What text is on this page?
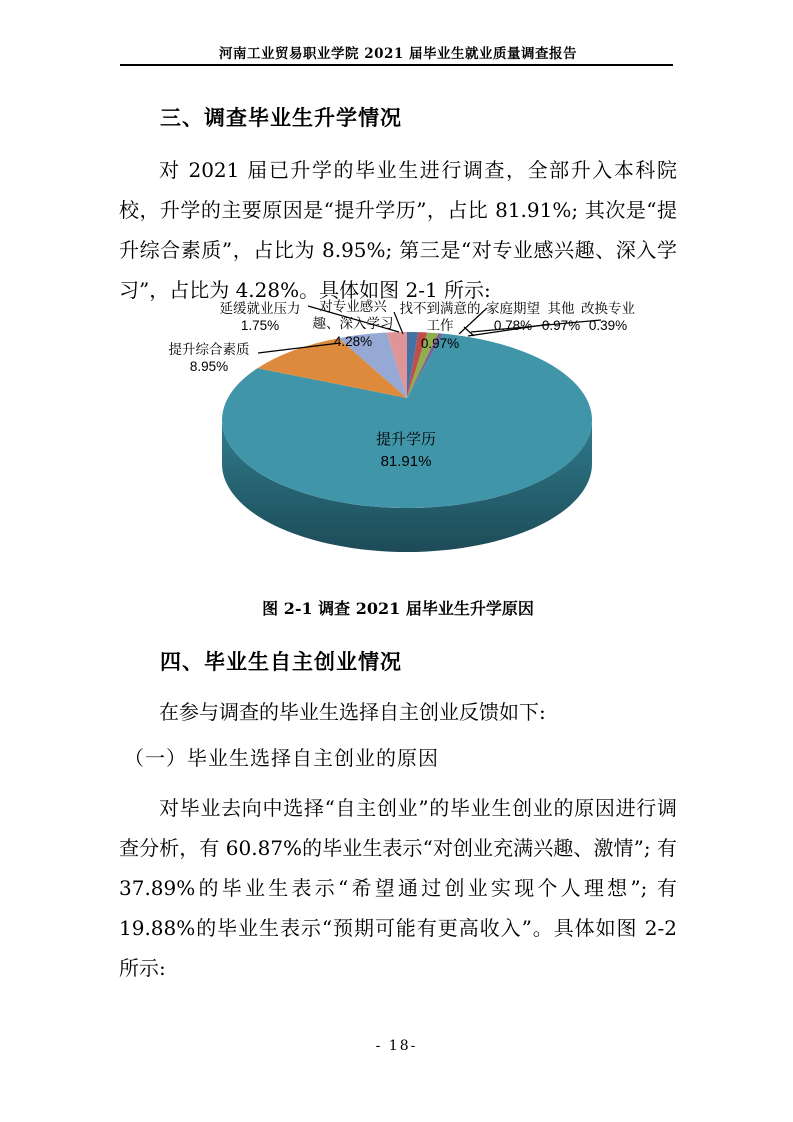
河南工业贸易职业学院 2021 届毕业生就业质量调查报告
三、调查毕业生升学情况
对 2021 届已升学的毕业生进行调查，全部升入本科院校，升学的主要原因是“提升学历”，占比 81.91%; 其次是“提升综合素质”，占比为 8.95%; 第三是“对专业感兴趣、深入学习”，占比为 4.28%。具体如图 2-1 所示:
延缓就业压力
1.75%
对专业感兴趣、深入学习
4.28%
找不到满意的工作
0.97%
家庭期望
0.78%
其他
0.97%
改换专业
0.39%
提升综合素质
8.95%
提升学历
81.91%
图 2-1 调查 2021 届毕业生升学原因
四、毕业生自主创业情况
在参与调查的毕业生选择自主创业反馈如下:
（一）毕业生选择自主创业的原因
对毕业去向中选择“自主创业”的毕业生创业的原因进行调查分析，有 60.87%的毕业生表示“对创业充满兴趣、激情”; 有 37.89%的毕业生表示“希望通过创业实现个人理想”; 有 19.88%的毕业生表示“预期可能有更高收入”。具体如图 2-2 所示:
- 18-
